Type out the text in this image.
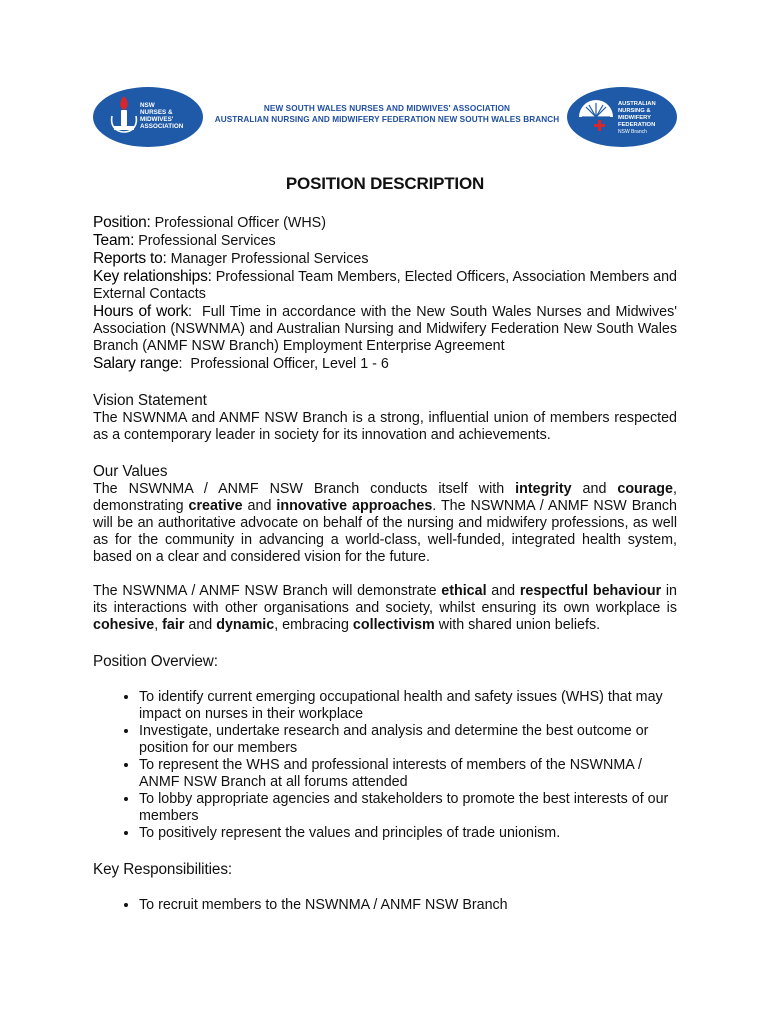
NSW
NURSES &
MIDWIVES'
ASSOCIATION
NEW SOUTH WALES NURSES AND MIDWIVES' ASSOCIATION
AUSTRALIAN NURSING AND MIDWIFERY FEDERATION NEW SOUTH WALES BRANCH
AUSTRALIAN
NURSING &
MIDWIFERY
FEDERATION
NSW Branch
POSITION DESCRIPTION

Position: Professional Officer (WHS)

Team: Professional Services

Reports to: Manager Professional Services

Key relationships: Professional Team Members, Elected Officers, Association Members and External Contacts

Hours of work:  Full Time in accordance with the New South Wales Nurses and Midwives' Association (NSWNMA) and Australian Nursing and Midwifery Federation New South Wales Branch (ANMF NSW Branch) Employment Enterprise Agreement

Salary range:  Professional Officer, Level 1 - 6

Vision Statement

The NSWNMA and ANMF NSW Branch is a strong, influential union of members respected as a contemporary leader in society for its innovation and achievements.

Our Values

The NSWNMA / ANMF NSW Branch conducts itself with integrity and courage, demonstrating creative and innovative approaches. The NSWNMA / ANMF NSW Branch will be an authoritative advocate on behalf of the nursing and midwifery professions, as well as for the community in advancing a world-class, well-funded, integrated health system, based on a clear and considered vision for the future.

The NSWNMA / ANMF NSW Branch will demonstrate ethical and respectful behaviour in its interactions with other organisations and society, whilst ensuring its own workplace is cohesive, fair and dynamic, embracing collectivism with shared union beliefs.

Position Overview:
• To identify current emerging occupational health and safety issues (WHS) that may impact on nurses in their workplace
• Investigate, undertake research and analysis and determine the best outcome or position for our members
• To represent the WHS and professional interests of members of the NSWNMA / ANMF NSW Branch at all forums attended
• To lobby appropriate agencies and stakeholders to promote the best interests of our members
• To positively represent the values and principles of trade unionism.
Key Responsibilities:
• To recruit members to the NSWNMA / ANMF NSW Branch
